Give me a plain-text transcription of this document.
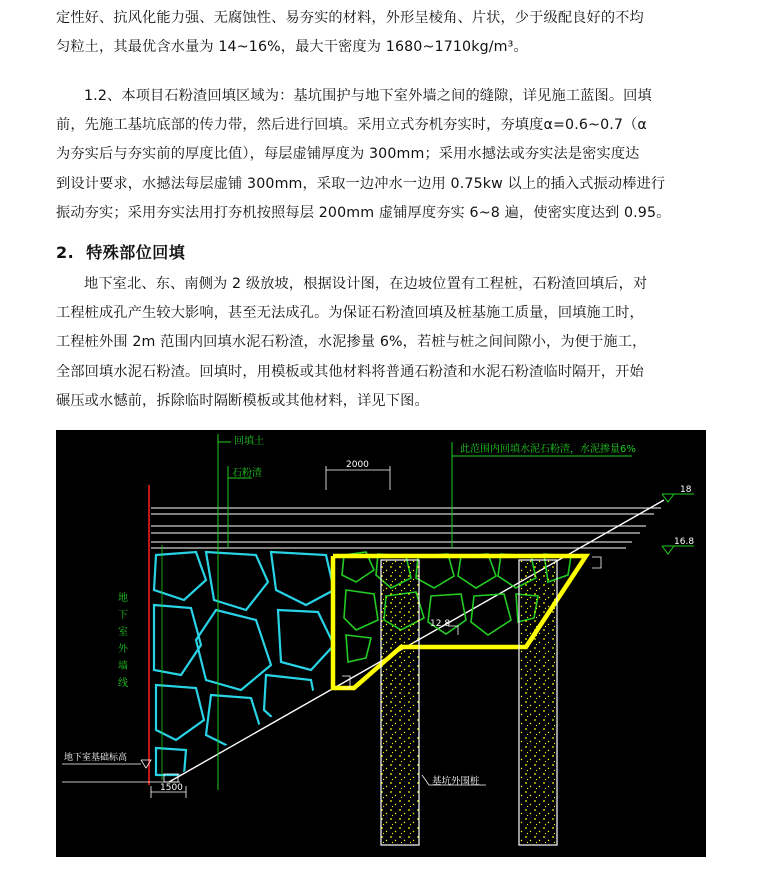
定性好、抗风化能力强、无腐蚀性、易夯实的材料，外形呈棱角、片状，少于级配良好的不均

匀粒土，其最优含水量为 14~16%，最大干密度为 1680~1710kg/m³。

1.2、本项目石粉渣回填区域为：基坑围护与地下室外墙之间的缝隙，详见施工蓝图。回填

前，先施工基坑底部的传力带，然后进行回填。采用立式夯机夯实时，夯填度α=0.6~0.7（α

为夯实后与夯实前的厚度比值），每层虚铺厚度为 300mm；采用水撼法或夯实法是密实度达

到设计要求，水撼法每层虚铺 300mm，采取一边冲水一边用 0.75kw 以上的插入式振动棒进行

振动夯实；采用夯实法用打夯机按照每层 200mm 虚铺厚度夯实 6~8 遍，使密实度达到 0.95。

2. 特殊部位回填

地下室北、东、南侧为 2 级放坡，根据设计图，在边坡位置有工程桩，石粉渣回填后，对

工程桩成孔产生较大影响，甚至无法成孔。为保证石粉渣回填及桩基施工质量，回填施工时，

工程桩外围 2m 范围内回填水泥石粉渣，水泥掺量 6%，若桩与桩之间间隙小，为便于施工，

全部回填水泥石粉渣。回填时，用模板或其他材料将普通石粉渣和水泥石粉渣临时隔开，开始

碾压或水憾前，拆除临时隔断模板或其他材料，详见下图。

2000
18
16.8
12.8
1500
地下室基础标高
回填土
石粉渣
此范围内回填水泥石粉渣，水泥掺量6%
地下室外墙线
基坑外围桩
